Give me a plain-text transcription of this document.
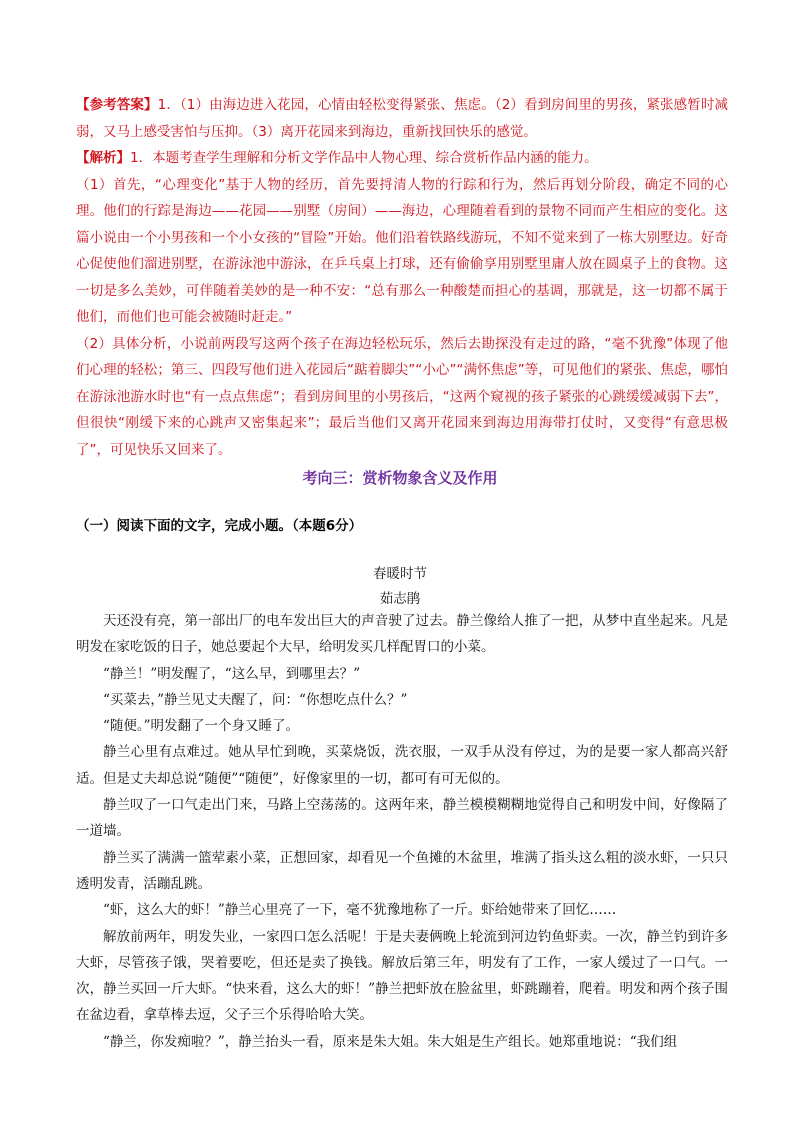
【参考答案】1．（1）由海边进入花园，心情由轻松变得紧张、焦虑。（2）看到房间里的男孩，紧张感暂时减弱，又马上感受害怕与压抑。（3）离开花园来到海边，重新找回快乐的感觉。

【解析】1．本题考查学生理解和分析文学作品中人物心理、综合赏析作品内涵的能力。

（1）首先，“心理变化”基于人物的经历，首先要捋清人物的行踪和行为，然后再划分阶段，确定不同的心理。他们的行踪是海边——花园——别墅（房间）——海边，心理随着看到的景物不同而产生相应的变化。这篇小说由一个小男孩和一个小女孩的“冒险”开始。他们沿着铁路线游玩，不知不觉来到了一栋大别墅边。好奇心促使他们溜进别墅，在游泳池中游泳，在乒乓桌上打球，还有偷偷享用别墅里庸人放在圆桌子上的食物。这一切是多么美妙，可伴随着美妙的是一种不安：“总有那么一种酸楚而担心的基调，那就是，这一切都不属于他们，而他们也可能会被随时赶走。”

（2）具体分析，小说前两段写这两个孩子在海边轻松玩乐，然后去勘探没有走过的路，“毫不犹豫”体现了他们心理的轻松；第三、四段写他们进入花园后“踮着脚尖”“小心”“满怀焦虑”等，可见他们的紧张、焦虑，哪怕在游泳池游水时也“有一点点焦虑”；看到房间里的小男孩后，“这两个窥视的孩子紧张的心跳缓缓减弱下去”，但很快“刚缓下来的心跳声又密集起来”；最后当他们又离开花园来到海边用海带打仗时，又变得“有意思极了”，可见快乐又回来了。

考向三：赏析物象含义及作用
（一）阅读下面的文字，完成小题。（本题6分）
春暖时节
茹志鹃

天还没有亮，第一部出厂的电车发出巨大的声音驶了过去。静兰像给人推了一把，从梦中直坐起来。凡是明发在家吃饭的日子，她总要起个大早，给明发买几样配胃口的小菜。

“静兰！”明发醒了，“这么早，到哪里去？”

“买菜去，”静兰见丈夫醒了，问：“你想吃点什么？”

“随便。”明发翻了一个身又睡了。

静兰心里有点难过。她从早忙到晚，买菜烧饭，洗衣服，一双手从没有停过，为的是要一家人都高兴舒适。但是丈夫却总说“随便”“随便”，好像家里的一切，都可有可无似的。

静兰叹了一口气走出门来，马路上空荡荡的。这两年来，静兰模模糊糊地觉得自己和明发中间，好像隔了一道墙。

静兰买了满满一篮荤素小菜，正想回家，却看见一个鱼摊的木盆里，堆满了指头这么粗的淡水虾，一只只透明发青，活蹦乱跳。

“虾，这么大的虾！”静兰心里亮了一下，毫不犹豫地称了一斤。虾给她带来了回忆……

解放前两年，明发失业，一家四口怎么活呢！于是夫妻俩晚上轮流到河边钓鱼虾卖。一次，静兰钓到许多大虾，尽管孩子饿，哭着要吃，但还是卖了换钱。解放后第三年，明发有了工作，一家人缓过了一口气。一次，静兰买回一斤大虾。“快来看，这么大的虾！”静兰把虾放在脸盆里，虾跳蹦着，爬着。明发和两个孩子围在盆边看，拿草棒去逗，父子三个乐得哈哈大笑。

“静兰，你发痴啦？”，静兰抬头一看，原来是朱大姐。朱大姐是生产组长。她郑重地说：“我们组
